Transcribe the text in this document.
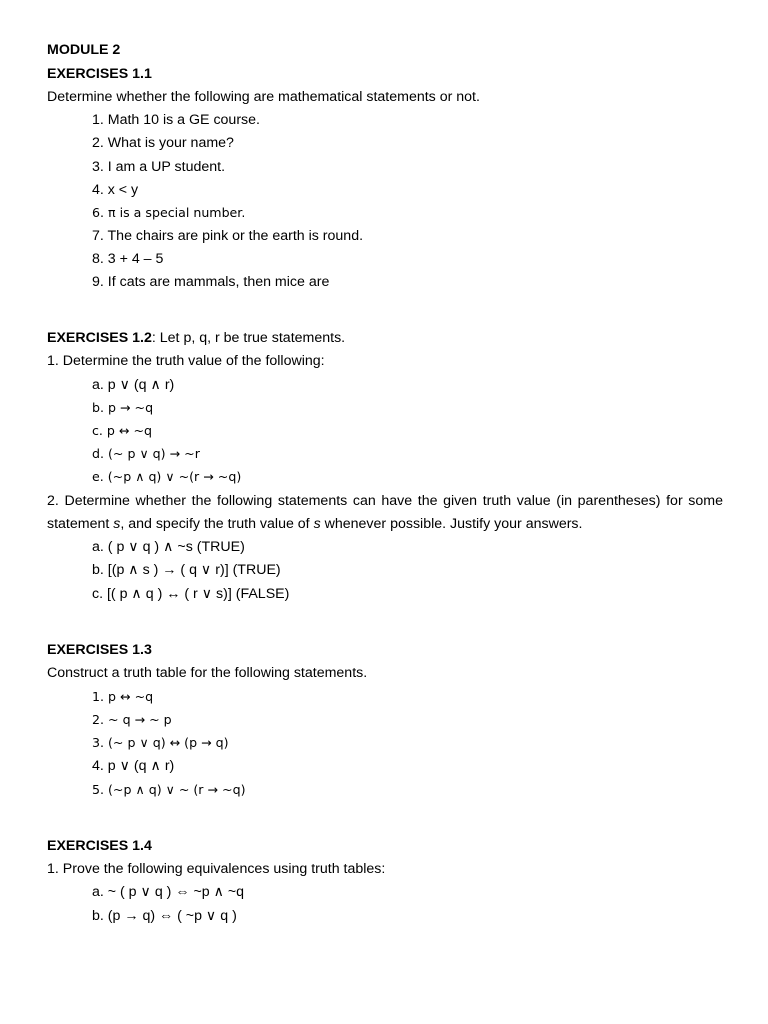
MODULE 2
EXERCISES 1.1
Determine whether the following are mathematical statements or not.
1. Math 10 is a GE course.
2. What is your name?
3. I am a UP student.
4. x < y
6. π is a special number.
7. The chairs are pink or the earth is round.
8. 3 + 4 – 5
9. If cats are mammals, then mice are
EXERCISES 1.2: Let p, q, r be true statements.
1. Determine the truth value of the following:
a. p ∨ (q ∧ r)
b. p → ~q
c. p ↔ ~q
d. (~ p ∨ q) → ~r
e. (~p ∧ q) ∨ ~(r → ~q)
2. Determine whether the following statements can have the given truth value (in parentheses) for some
statement s, and specify the truth value of s whenever possible. Justify your answers.
a. ( p ∨ q ) ∧ ~s (TRUE)
b. [(p ∧ s ) → ( q ∨ r)] (TRUE)
c. [( p ∧ q ) ↔ ( r ∨ s)] (FALSE)
EXERCISES 1.3
Construct a truth table for the following statements.
1. p ↔ ~q
2. ~ q → ~ p
3. (~ p ∨ q) ↔ (p → q)
4. p ∨ (q ∧ r)
5. (~p ∧ q) ∨ ~ (r → ~q)
EXERCISES 1.4
1. Prove the following equivalences using truth tables:
a. ~ ( p ∨ q ) ⇔ ~p ∧ ~q
b. (p → q) ⇔ ( ~p ∨ q )
